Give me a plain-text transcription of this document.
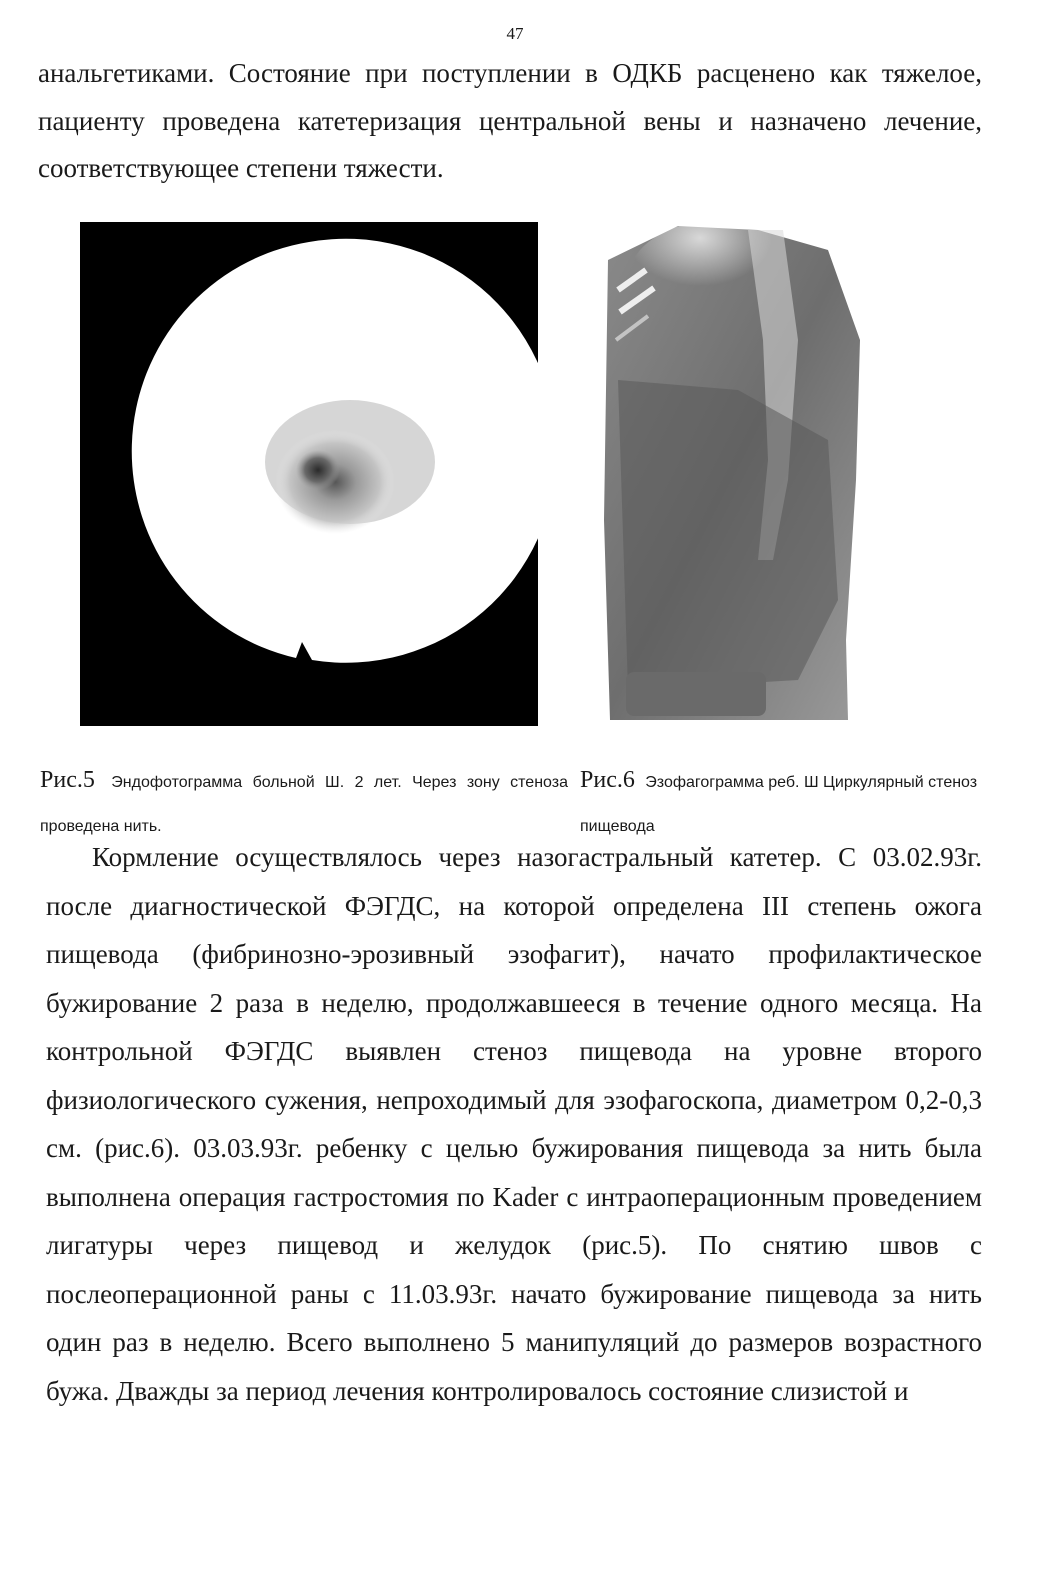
47

анальгетиками. Состояние при поступлении в ОДКБ расценено как тяжелое, пациенту проведена катетеризация центральной вены и назначено лечение, соответствующее степени тяжести.

Рис.5 Эндофотограмма больной Ш. 2 лет. Через зону стеноза проведена нить.
Рис.6 Эзофагограмма реб. Ш Циркулярный стеноз пищевода

Кормление осуществлялось через назогастральный катетер. С 03.02.93г. после диагностической ФЭГДС, на которой определена III степень ожога пищевода (фибринозно-эрозивный эзофагит), начато профилактическое бужирование 2 раза в неделю, продолжавшееся в течение одного месяца. На контрольной ФЭГДС выявлен стеноз пищевода на уровне второго физиологического сужения, непроходимый для эзофагоскопа, диаметром 0,2-0,3 см. (рис.6). 03.03.93г. ребенку с целью бужирования пищевода за нить была выполнена операция гастростомия по Kader с интраоперационным проведением лигатуры через пищевод и желудок (рис.5). По снятию швов с послеоперационной раны с 11.03.93г. начато бужирование пищевода за нить один раз в неделю. Всего выполнено 5 манипуляций до размеров возрастного бужа. Дважды за период лечения контролировалось состояние слизистой и
